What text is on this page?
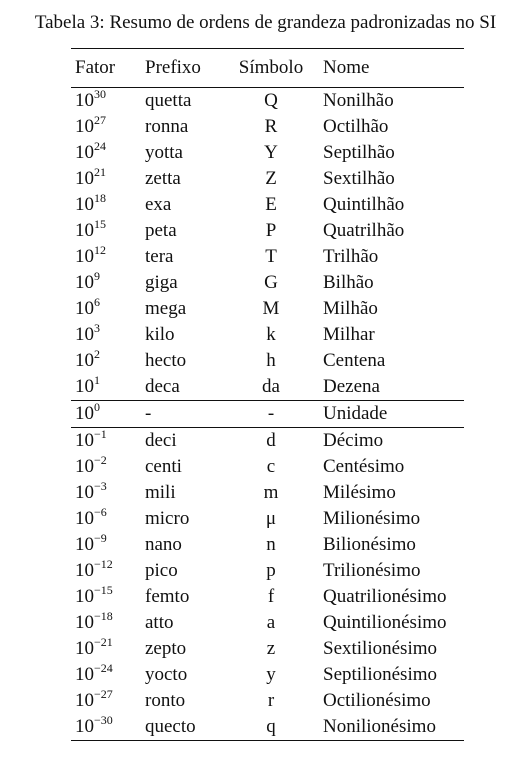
Tabela 3: Resumo de ordens de grandeza padronizadas no SI
Fator	Prefixo	Símbolo	Nome
$10^{30}$	quetta	Q	Nonilhão
$10^{27}$	ronna	R	Octilhão
$10^{24}$	yotta	Y	Septilhão
$10^{21}$	zetta	Z	Sextilhão
$10^{18}$	exa	E	Quintilhão
$10^{15}$	peta	P	Quatrilhão
$10^{12}$	tera	T	Trilhão
$10^9$	giga	G	Bilhão
$10^6$	mega	M	Milhão
$10^3$	kilo	k	Milhar
$10^2$	hecto	h	Centena
$10^1$	deca	da	Dezena
$10^0$	-	-	Unidade
$10^{-1}$	deci	d	Décimo
$10^{-2}$	centi	c	Centésimo
$10^{-3}$	mili	m	Milésimo
$10^{-6}$	micro	μ	Milionésimo
$10^{-9}$	nano	n	Bilionésimo
$10^{-12}$	pico	p	Trilionésimo
$10^{-15}$	femto	f	Quatrilionésimo
$10^{-18}$	atto	a	Quintilionésimo
$10^{-21}$	zepto	z	Sextilionésimo
$10^{-24}$	yocto	y	Septilionésimo
$10^{-27}$	ronto	r	Octilionésimo
$10^{-30}$	quecto	q	Nonilionésimo
